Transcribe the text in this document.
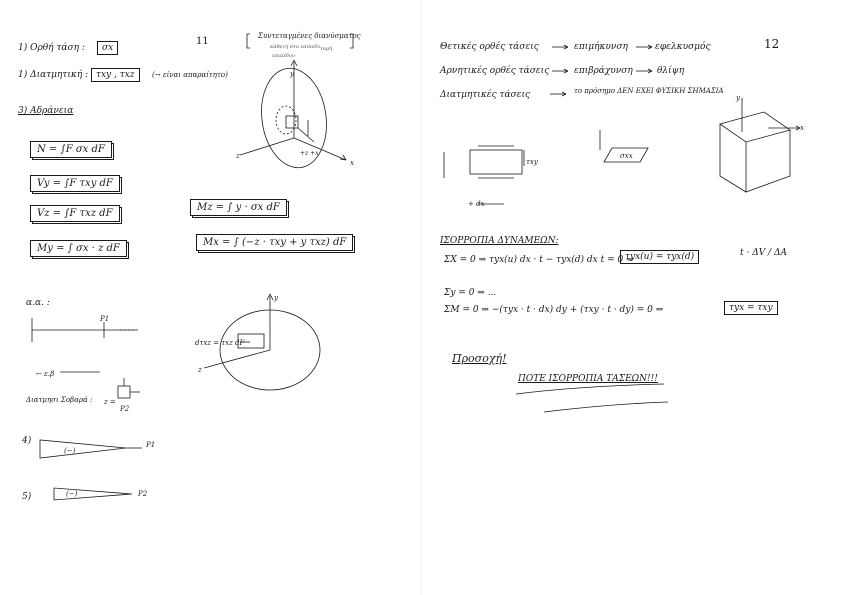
11	Συντεταγμένες διανύσματος
κάθετη στο επίπεδο τομή
επιπέδου
1) Ορθή τάση :	σx
1) Διατμητική : τxy , τxz	(→ είναι απαραίτητο)
3) Αδράνεια
N = ∫F σx dF
Vy = ∫F τxy dF
Vz = ∫F τxz dF
My = ∫ σx · z dF
Mz = ∫ y · σx dF
Mx = ∫ (−z · τxy + y τxz) dF
α.α. :
P1
← ε.β
Διατμησι Σοβαρά : z =
P2
4)	P1
(−)
5)	(−)	P2
dτxz = τxz dF
12
Θετικές ορθές τάσεις	επιμήκυνση	εφελκυσμός
Αρνητικές ορθές τάσεις	επιβράχυνση	θλίψη
Διατμητικές τάσεις	το πρόσημο ΔΕΝ ΕΧΕΙ ΦΥΣΙΚΗ ΣΗΜΑΣΙΑ
τxy
+ dx
σxx
x
y
ΙΣΟΡΡΟΠΙΑ ΔΥΝΑΜΕΩΝ:
ΣX = 0 ⇒ τyx(u) dx · t − τyx(d) dx t = 0 ⇒
τyx(u) = τyx(d)	t · ΔV / ΔA
Σy = 0 ⇒ ...
ΣM = 0 ⇒ −(τyx · t · dx) dy + (τxy · t · dy) = 0 ⇒	τyx = τxy
Προσοχή!
ΠΟΤΕ ΙΣΟΡΡΟΠΙΑ ΤΑΣΕΩΝ!!!
z
x
y
+z +x
z
y
